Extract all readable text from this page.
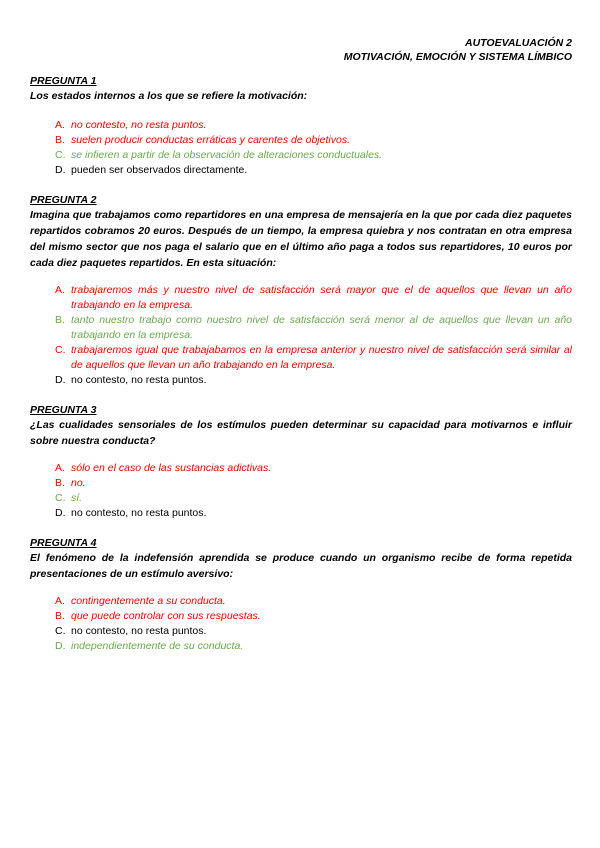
AUTOEVALUACIÓN 2
MOTIVACIÓN, EMOCIÓN Y SISTEMA LÍMBICO
PREGUNTA 1
Los estados internos a los que se refiere la motivación:
A. no contesto, no resta puntos.
B. suelen producir conductas erráticas y carentes de objetivos.
C. se infieren a partir de la observación de alteraciones conductuales.
D. pueden ser observados directamente.
PREGUNTA 2
Imagina que trabajamos como repartidores en una empresa de mensajería en la que por cada diez paquetes repartidos cobramos 20 euros. Después de un tiempo, la empresa quiebra y nos contratan en otra empresa del mismo sector que nos paga el salario que en el último año paga a todos sus repartidores, 10 euros por cada diez paquetes repartidos. En esta situación:
A. trabajaremos más y nuestro nivel de satisfacción será mayor que el de aquellos que llevan un año trabajando en la empresa.
B. tanto nuestro trabajo como nuestro nivel de satisfacción será menor al de aquellos que llevan un año trabajando en la empresa.
C. trabajaremos igual que trabajabamos en la empresa anterior y nuestro nivel de satisfacción será similar al de aquellos que llevan un año trabajando en la empresa.
D. no contesto, no resta puntos.
PREGUNTA 3
¿Las cualidades sensoriales de los estímulos pueden determinar su capacidad para motivarnos e influir sobre nuestra conducta?
A. sólo en el caso de las sustancias adictivas.
B. no.
C. sí.
D. no contesto, no resta puntos.
PREGUNTA 4
El fenómeno de la indefensión aprendida se produce cuando un organismo recibe de forma repetida presentaciones de un estímulo aversivo:
A. contingentemente a su conducta.
B. que puede controlar con sus respuestas.
C. no contesto, no resta puntos.
D. independientemente de su conducta.
